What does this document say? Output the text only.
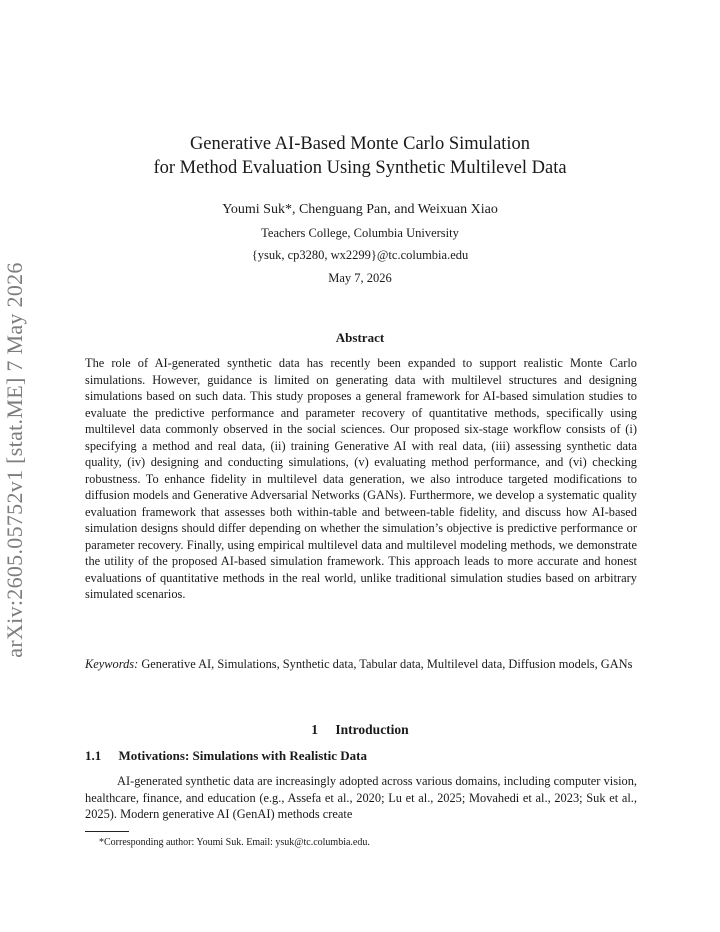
arXiv:2605.05752v1 [stat.ME] 7 May 2026
Generative AI-Based Monte Carlo Simulation
for Method Evaluation Using Synthetic Multilevel Data
Youmi Suk*, Chenguang Pan, and Weixuan Xiao
Teachers College, Columbia University
{ysuk, cp3280, wx2299}@tc.columbia.edu
May 7, 2026
Abstract
The role of AI-generated synthetic data has recently been expanded to support realistic Monte Carlo simulations. However, guidance is limited on generating data with multilevel structures and designing simulations based on such data. This study proposes a general framework for AI-based simulation studies to evaluate the predictive performance and parameter recovery of quantitative methods, specifically using multilevel data commonly observed in the social sciences. Our proposed six-stage workflow consists of (i) specifying a method and real data, (ii) training Generative AI with real data, (iii) assessing synthetic data quality, (iv) designing and conducting simulations, (v) evaluating method performance, and (vi) checking robustness. To enhance fidelity in multilevel data generation, we also introduce targeted modifications to diffusion models and Generative Adversarial Networks (GANs). Furthermore, we develop a systematic quality evaluation framework that assesses both within-table and between-table fidelity, and discuss how AI-based simulation designs should differ depending on whether the simulation’s objective is predictive performance or parameter recovery. Finally, using empirical multilevel data and multilevel modeling methods, we demonstrate the utility of the proposed AI-based simulation framework. This approach leads to more accurate and honest evaluations of quantitative methods in the real world, unlike traditional simulation studies based on arbitrary simulated scenarios.
Keywords: Generative AI, Simulations, Synthetic data, Tabular data, Multilevel data, Diffusion models, GANs
1 Introduction
1.1 Motivations: Simulations with Realistic Data
AI-generated synthetic data are increasingly adopted across various domains, including computer vision, healthcare, finance, and education (e.g., Assefa et al., 2020; Lu et al., 2025; Movahedi et al., 2023; Suk et al., 2025). Modern generative AI (GenAI) methods create
*Corresponding author: Youmi Suk. Email: ysuk@tc.columbia.edu.
